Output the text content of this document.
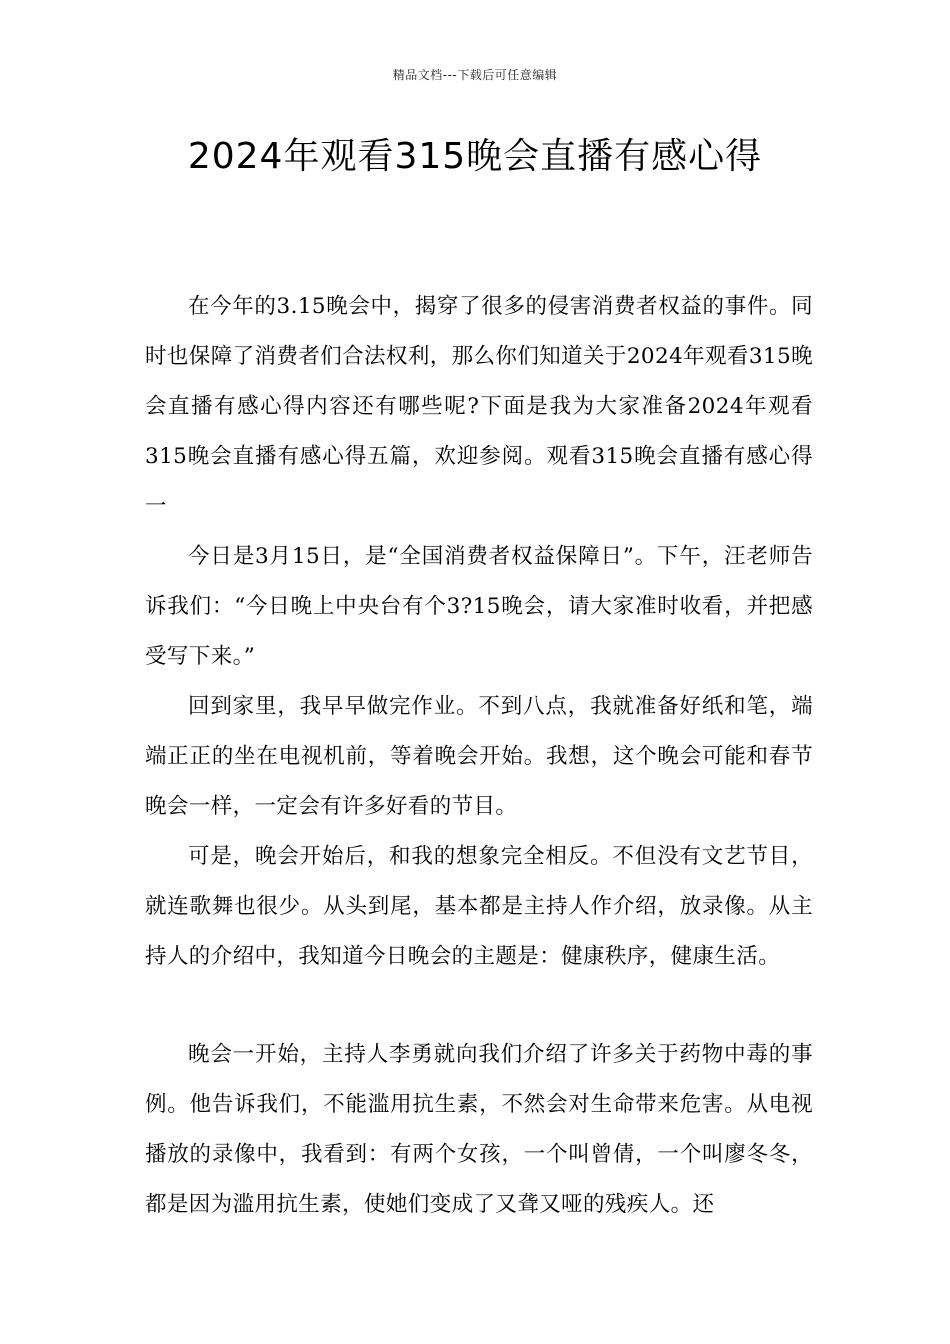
精品文档---下载后可任意编辑
2024年观看315晚会直播有感心得

在今年的3.15晚会中，揭穿了很多的侵害消费者权益的事件。同时也保障了消费者们合法权利，那么你们知道关于2024年观看315晚会直播有感心得内容还有哪些呢?下面是我为大家准备2024年观看315晚会直播有感心得五篇，欢迎参阅。观看315晚会直播有感心得一

今日是3月15日，是“全国消费者权益保障日”。下午，汪老师告诉我们：“今日晚上中央台有个3?15晚会，请大家准时收看，并把感受写下来。”

回到家里，我早早做完作业。不到八点，我就准备好纸和笔，端端正正的坐在电视机前，等着晚会开始。我想，这个晚会可能和春节晚会一样，一定会有许多好看的节目。

可是，晚会开始后，和我的想象完全相反。不但没有文艺节目，就连歌舞也很少。从头到尾，基本都是主持人作介绍，放录像。从主持人的介绍中，我知道今日晚会的主题是：健康秩序，健康生活。

晚会一开始，主持人李勇就向我们介绍了许多关于药物中毒的事例。他告诉我们，不能滥用抗生素，不然会对生命带来危害。从电视播放的录像中，我看到：有两个女孩，一个叫曾倩，一个叫廖冬冬，都是因为滥用抗生素，使她们变成了又聋又哑的残疾人。还
